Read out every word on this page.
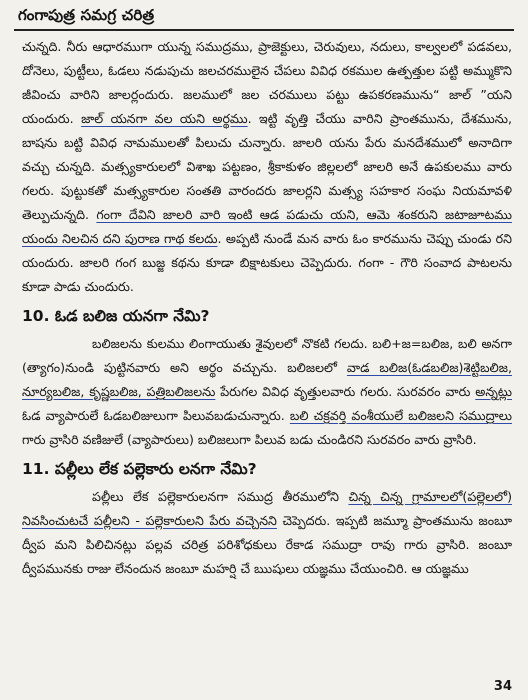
గంగాపుత్ర సమగ్ర చరిత్ర

చున్నది. నీరు ఆధారముగా యున్న సముద్రము, ప్రాజెక్టులు, చెరువులు, నదులు, కాల్వలలో పడవలు, దోనెలు, పుట్టీలు, ఓడలు నడుపుచు జలచరములైన చేపలు వివిధ రకముల ఉత్పత్తుల పట్టి అమ్ముకొని జీవించు వారిని జాలర్లందురు. జలములో జల చరములు పట్టు ఉపకరణమును“ జాల్ ”యని యందురు. జాల్ యనగా వల యని అర్థము. ఇట్టి వృత్తి చేయు వారిని ప్రాంతమును, దేశమును, బాషను బట్టి వివిధ నామములతో పిలుచు చున్నారు. జాలరి యను పేరు మనదేశములో అనాదిగా వచ్చు చున్నది. మత్స్యకారులలో విశాఖ పట్టణం, శ్రీకాకుళం జిల్లలలో జాలరి అనే ఉపకులము వారు గలరు. పుట్టుకతో మత్స్యకారుల సంతతి వారందరు జాలర్లని మత్స్య సహకార సంఘ నియమావళి తెల్పుచున్నది. గంగా దేవిని జాలరి వారి ఇంటి ఆడ పడుచు యని, ఆమె శంకరుని జటాజూటము యందు నిలచిన దని పురాణ గాథ కలదు. అప్పటి నుండే మన వారు ఓం కారమును చెప్పు చుండు రని యందురు. జాలరి గంగ బుజ్జ కథను కూడా బిక్షాటకులు చెప్పెదురు. గంగా - గౌరి సంవాద పాటలను కూడా పాడు చుందురు.

10. ఓడ బలిజ యనగా నేమి?

బలిజలను కులము లింగాయుతు శైవులలో నొకటి గలదు. బలి+జ=బలిజ, బలి అనగా (త్యాగం)నుండి పుట్టినవారు అని అర్థం వచ్చును. బలిజలలో వాడ బలిజ(ఓడబలిజ)శెట్టిబలిజ, నూర్యబలిజ, కృష్ణబలిజ, పత్రిబలిజలను పేరుగల వివిధ వృత్తులవారు గలరు. సురవరం వారు అన్నట్లు ఓడ వ్యాపారులే ఓడబలిజులుగా పిలువబడుచున్నారు. బలి చక్రవర్తి వంశీయులే బలిజలని సముద్రాలు గారు వ్రాసిరి వణిజులే (వ్యాపారులు) బలిజలుగా పిలువ బడు చుండిరని సురవరం వారు వ్రాసిరి.

11. పల్లీలు లేక పల్లెకారు లనగా నేమి?

పల్లీలు లేక పల్లెకారులనగా సముద్ర తీరములోని చిన్న చిన్న గ్రామాలలో(పల్లెలలో) నివసించుటచే పల్లీలని - పల్లెకారులని పేరు వచ్చెనని చెప్పెదరు. ఇప్పటి జమ్మూ ప్రాంతమును జంబూ ద్వీప మని పిలిచినట్లు పల్లవ చరిత్ర పరిశోధకులు రేకాడ సముద్రా రావు గారు వ్రాసిరి. జంబూ ద్వీపమునకు రాజు లేనందున జంబూ మహర్షి చే ఋషులు యజ్ఞము చేయుంచిరి. ఆ యజ్ఞము

34
